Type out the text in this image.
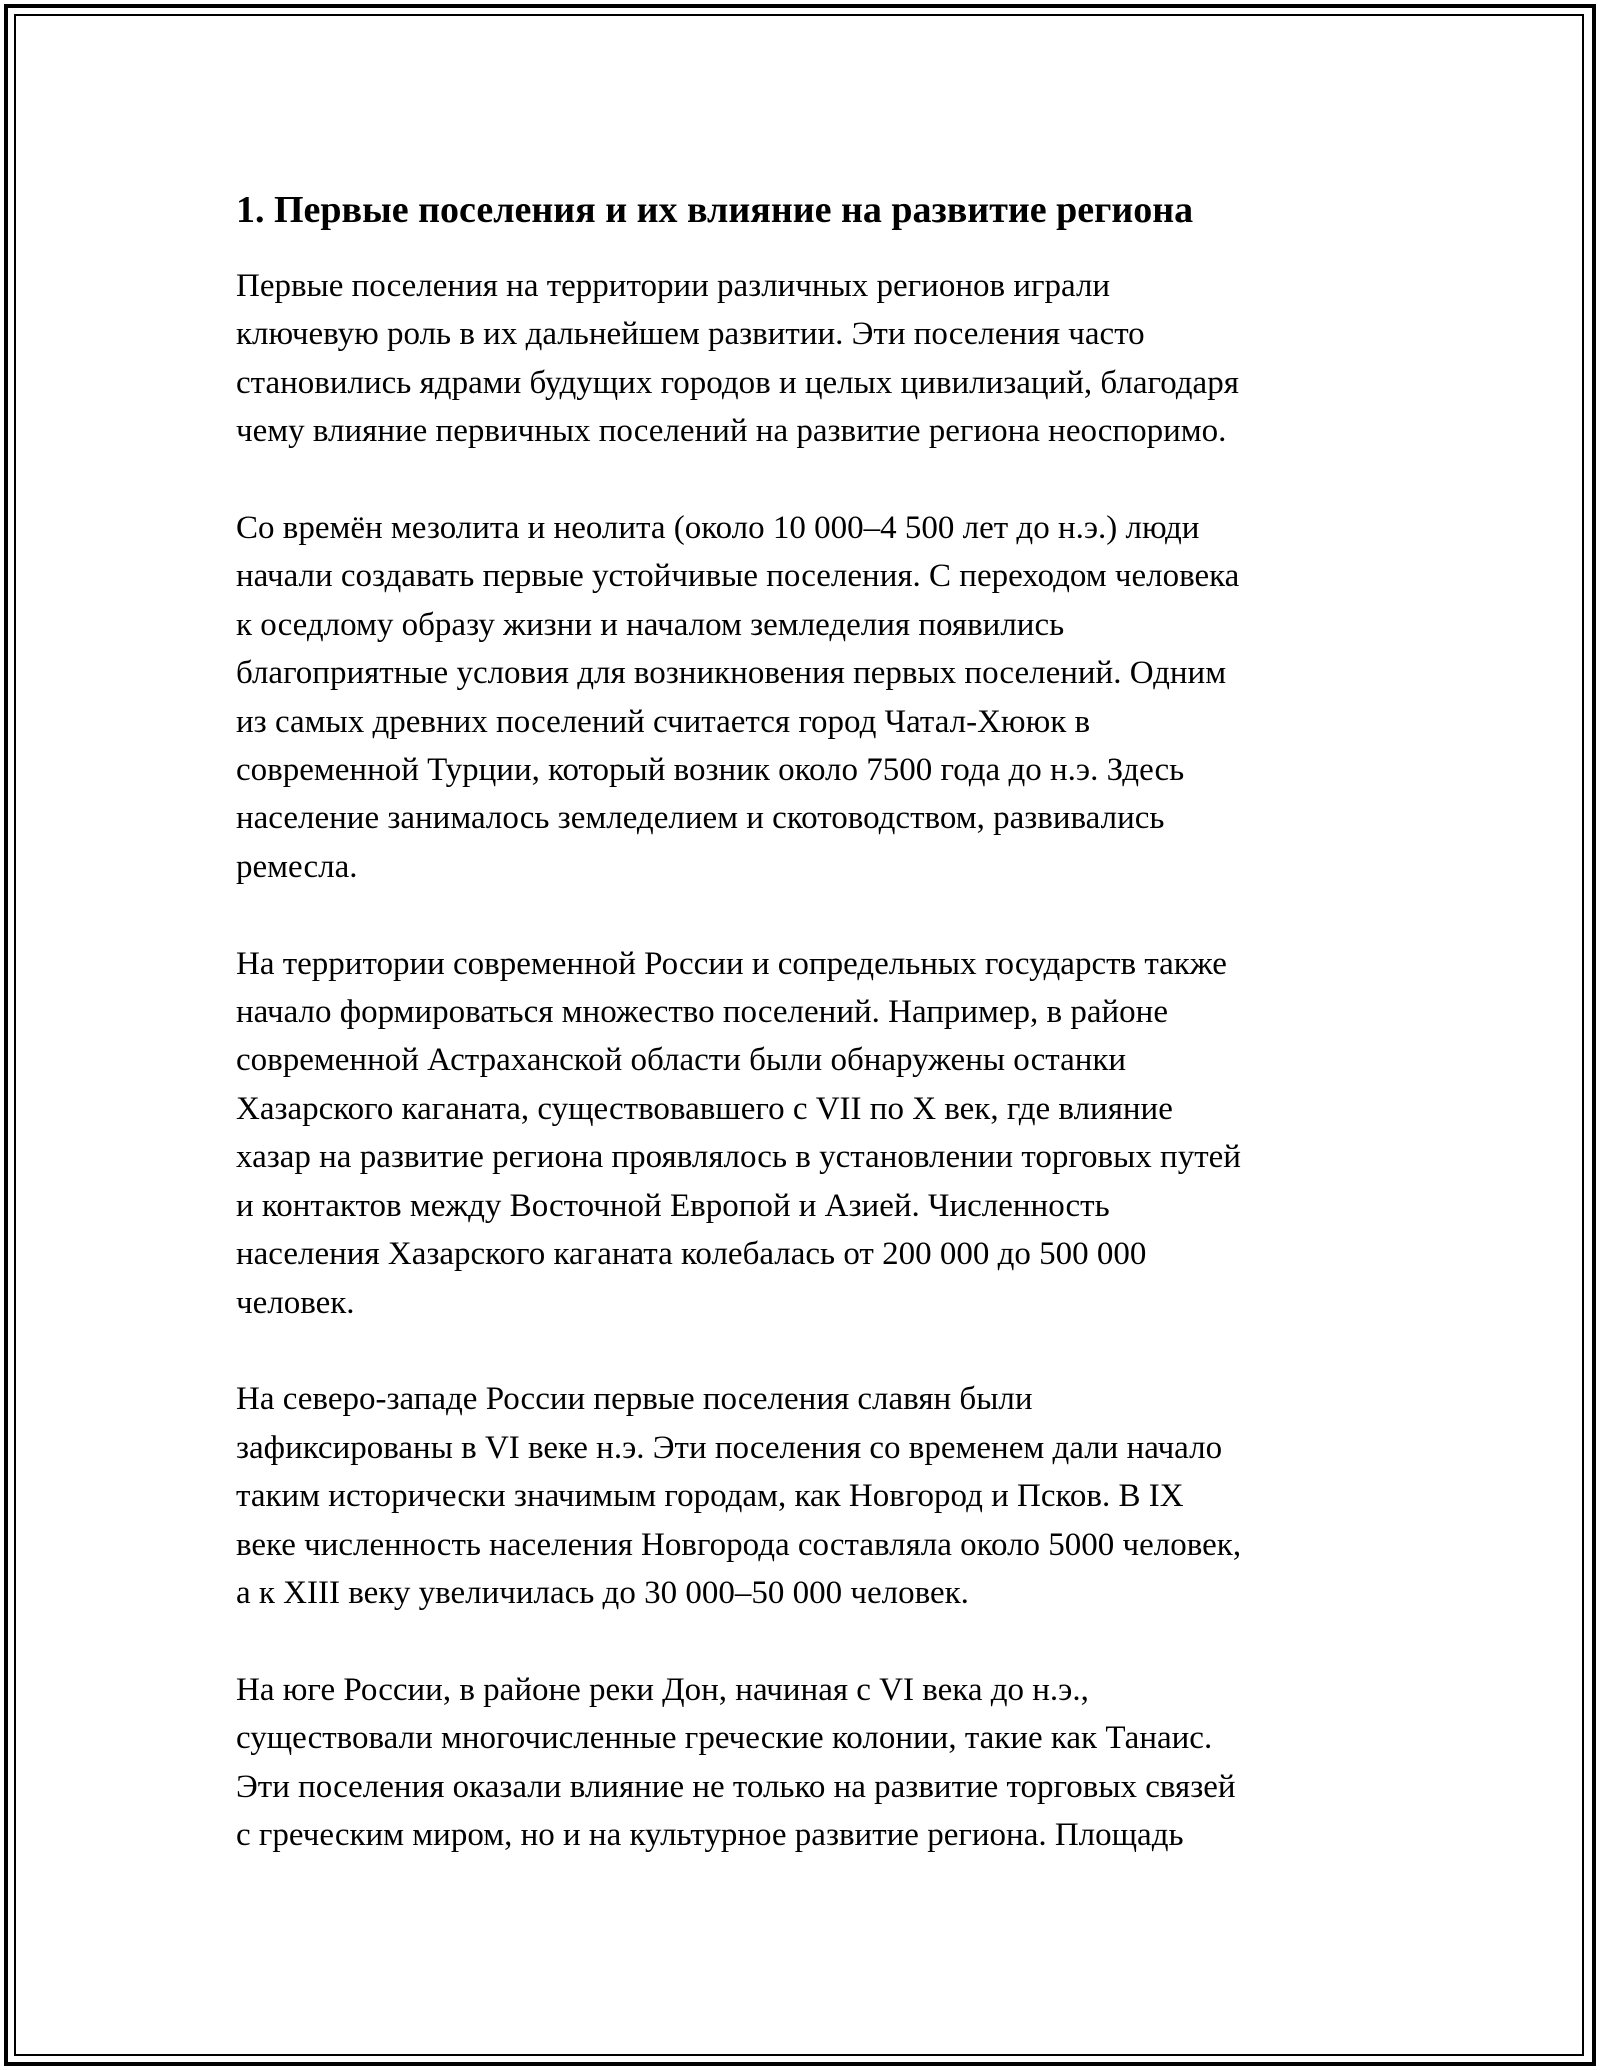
1. Первые поселения и их влияние на развитие региона
Первые поселения на территории различных регионов играли
ключевую роль в их дальнейшем развитии. Эти поселения часто
становились ядрами будущих городов и целых цивилизаций, благодаря
чему влияние первичных поселений на развитие региона неоспоримо.
Со времён мезолита и неолита (около 10 000–4 500 лет до н.э.) люди
начали создавать первые устойчивые поселения. С переходом человека
к оседлому образу жизни и началом земледелия появились
благоприятные условия для возникновения первых поселений. Одним
из самых древних поселений считается город Чатал-Хююк в
современной Турции, который возник около 7500 года до н.э. Здесь
население занималось земледелием и скотоводством, развивались
ремесла.
На территории современной России и сопредельных государств также
начало формироваться множество поселений. Например, в районе
современной Астраханской области были обнаружены останки
Хазарского каганата, существовавшего с VII по X век, где влияние
хазар на развитие региона проявлялось в установлении торговых путей
и контактов между Восточной Европой и Азией. Численность
населения Хазарского каганата колебалась от 200 000 до 500 000
человек.
На северо-западе России первые поселения славян были
зафиксированы в VI веке н.э. Эти поселения со временем дали начало
таким исторически значимым городам, как Новгород и Псков. В IX
веке численность населения Новгорода составляла около 5000 человек,
а к XIII веку увеличилась до 30 000–50 000 человек.
На юге России, в районе реки Дон, начиная с VI века до н.э.,
существовали многочисленные греческие колонии, такие как Танаис.
Эти поселения оказали влияние не только на развитие торговых связей
с греческим миром, но и на культурное развитие региона. Площадь
